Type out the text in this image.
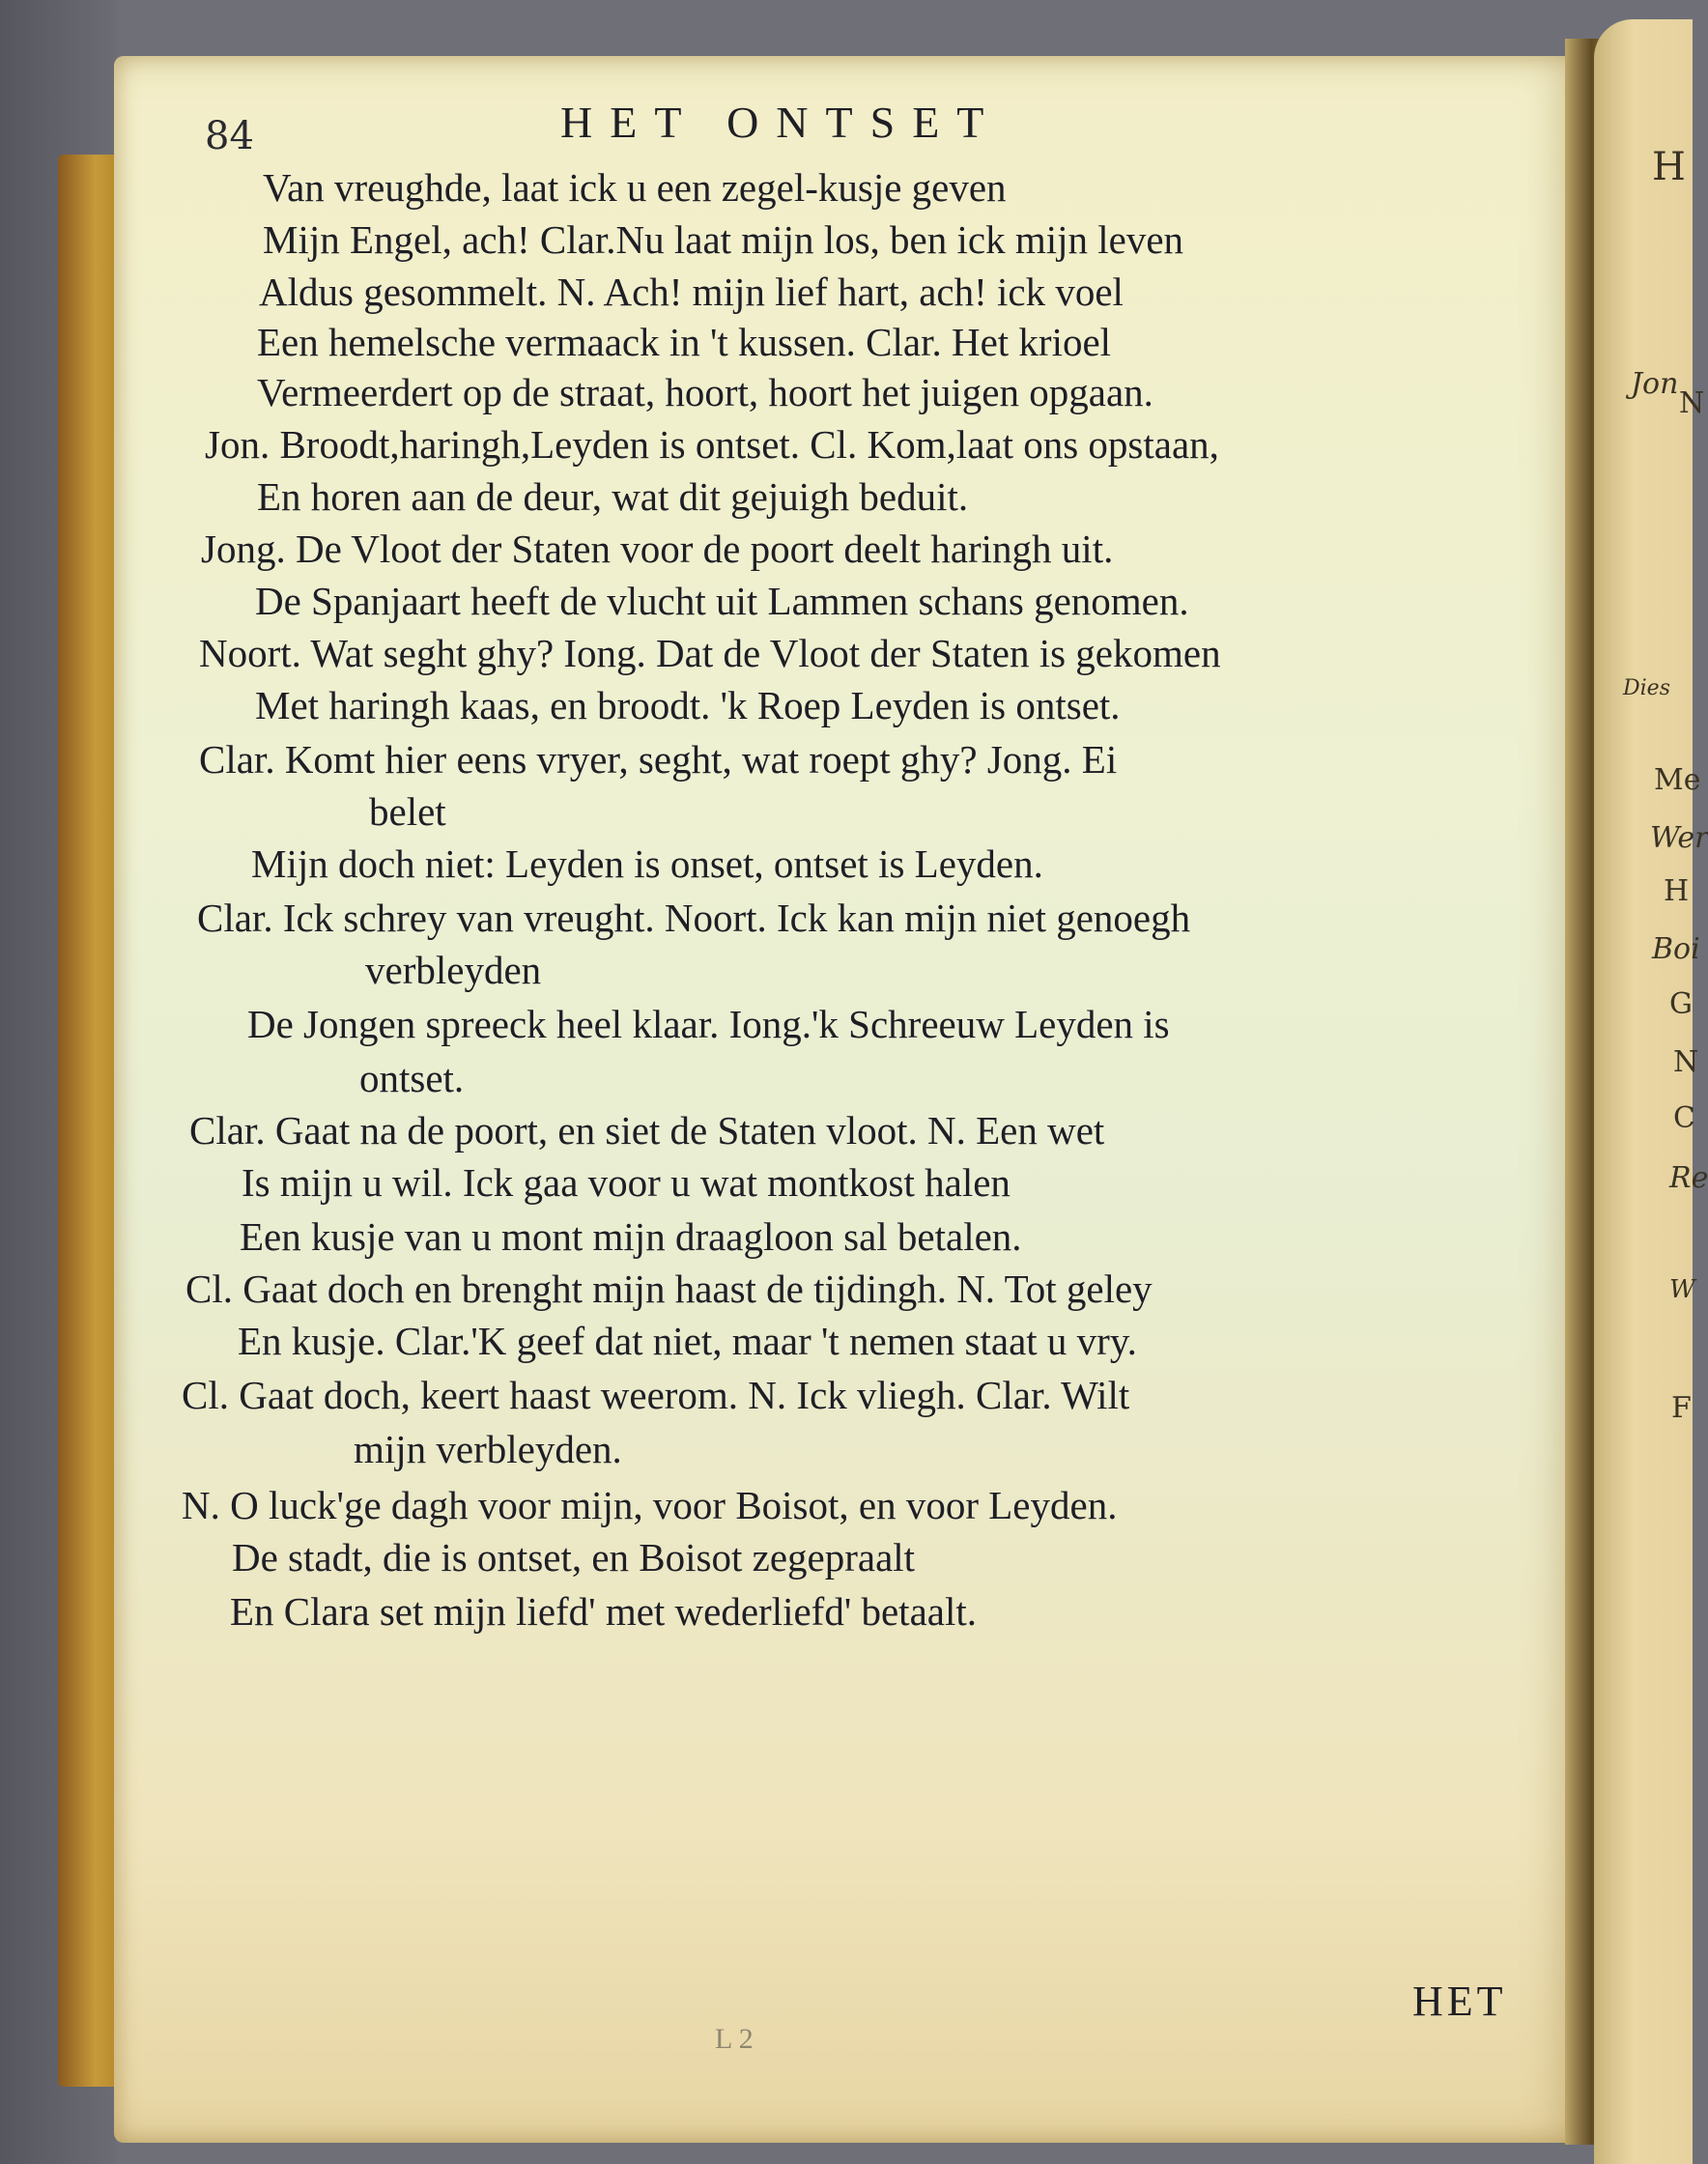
H
Jon
N
Dies
Me
Wer
H
Boi
G
N
C
Re
W
F
84	HET ONTSET
Van vreughde, laat ick u een zegel-kusje geven
Mijn Engel, ach! Clar.Nu laat mijn los, ben ick mijn leven
Aldus gesommelt. N. Ach! mijn lief hart, ach! ick voel
Een hemelsche vermaack in 't kussen. Clar. Het krioel
Vermeerdert op de straat, hoort, hoort het juigen opgaan.
Jon. Broodt,haringh,Leyden is ontset. Cl. Kom,laat ons opstaan,
En horen aan de deur, wat dit gejuigh beduit.
Jong. De Vloot der Staten voor de poort deelt haringh uit.
De Spanjaart heeft de vlucht uit Lammen schans genomen.
Noort. Wat seght ghy? Iong. Dat de Vloot der Staten is gekomen
Met haringh kaas, en broodt. 'k Roep Leyden is ontset.
Clar. Komt hier eens vryer, seght, wat roept ghy? Jong. Ei
belet
Mijn doch niet: Leyden is onset, ontset is Leyden.
Clar. Ick schrey van vreught. Noort. Ick kan mijn niet genoegh
verbleyden
De Jongen spreeck heel klaar. Iong.'k Schreeuw Leyden is
ontset.
Clar. Gaat na de poort, en siet de Staten vloot. N. Een wet
Is mijn u wil. Ick gaa voor u wat montkost halen
Een kusje van u mont mijn draagloon sal betalen.
Cl. Gaat doch en brenght mijn haast de tijdingh. N. Tot geley
En kusje. Clar.'K geef dat niet, maar 't nemen staat u vry.
Cl. Gaat doch, keert haast weerom. N. Ick vliegh. Clar. Wilt
mijn verbleyden.
N. O luck'ge dagh voor mijn, voor Boisot, en voor Leyden.
De stadt, die is ontset, en Boisot zegepraalt
En Clara set mijn liefd' met wederliefd' betaalt.
L 2
HET
